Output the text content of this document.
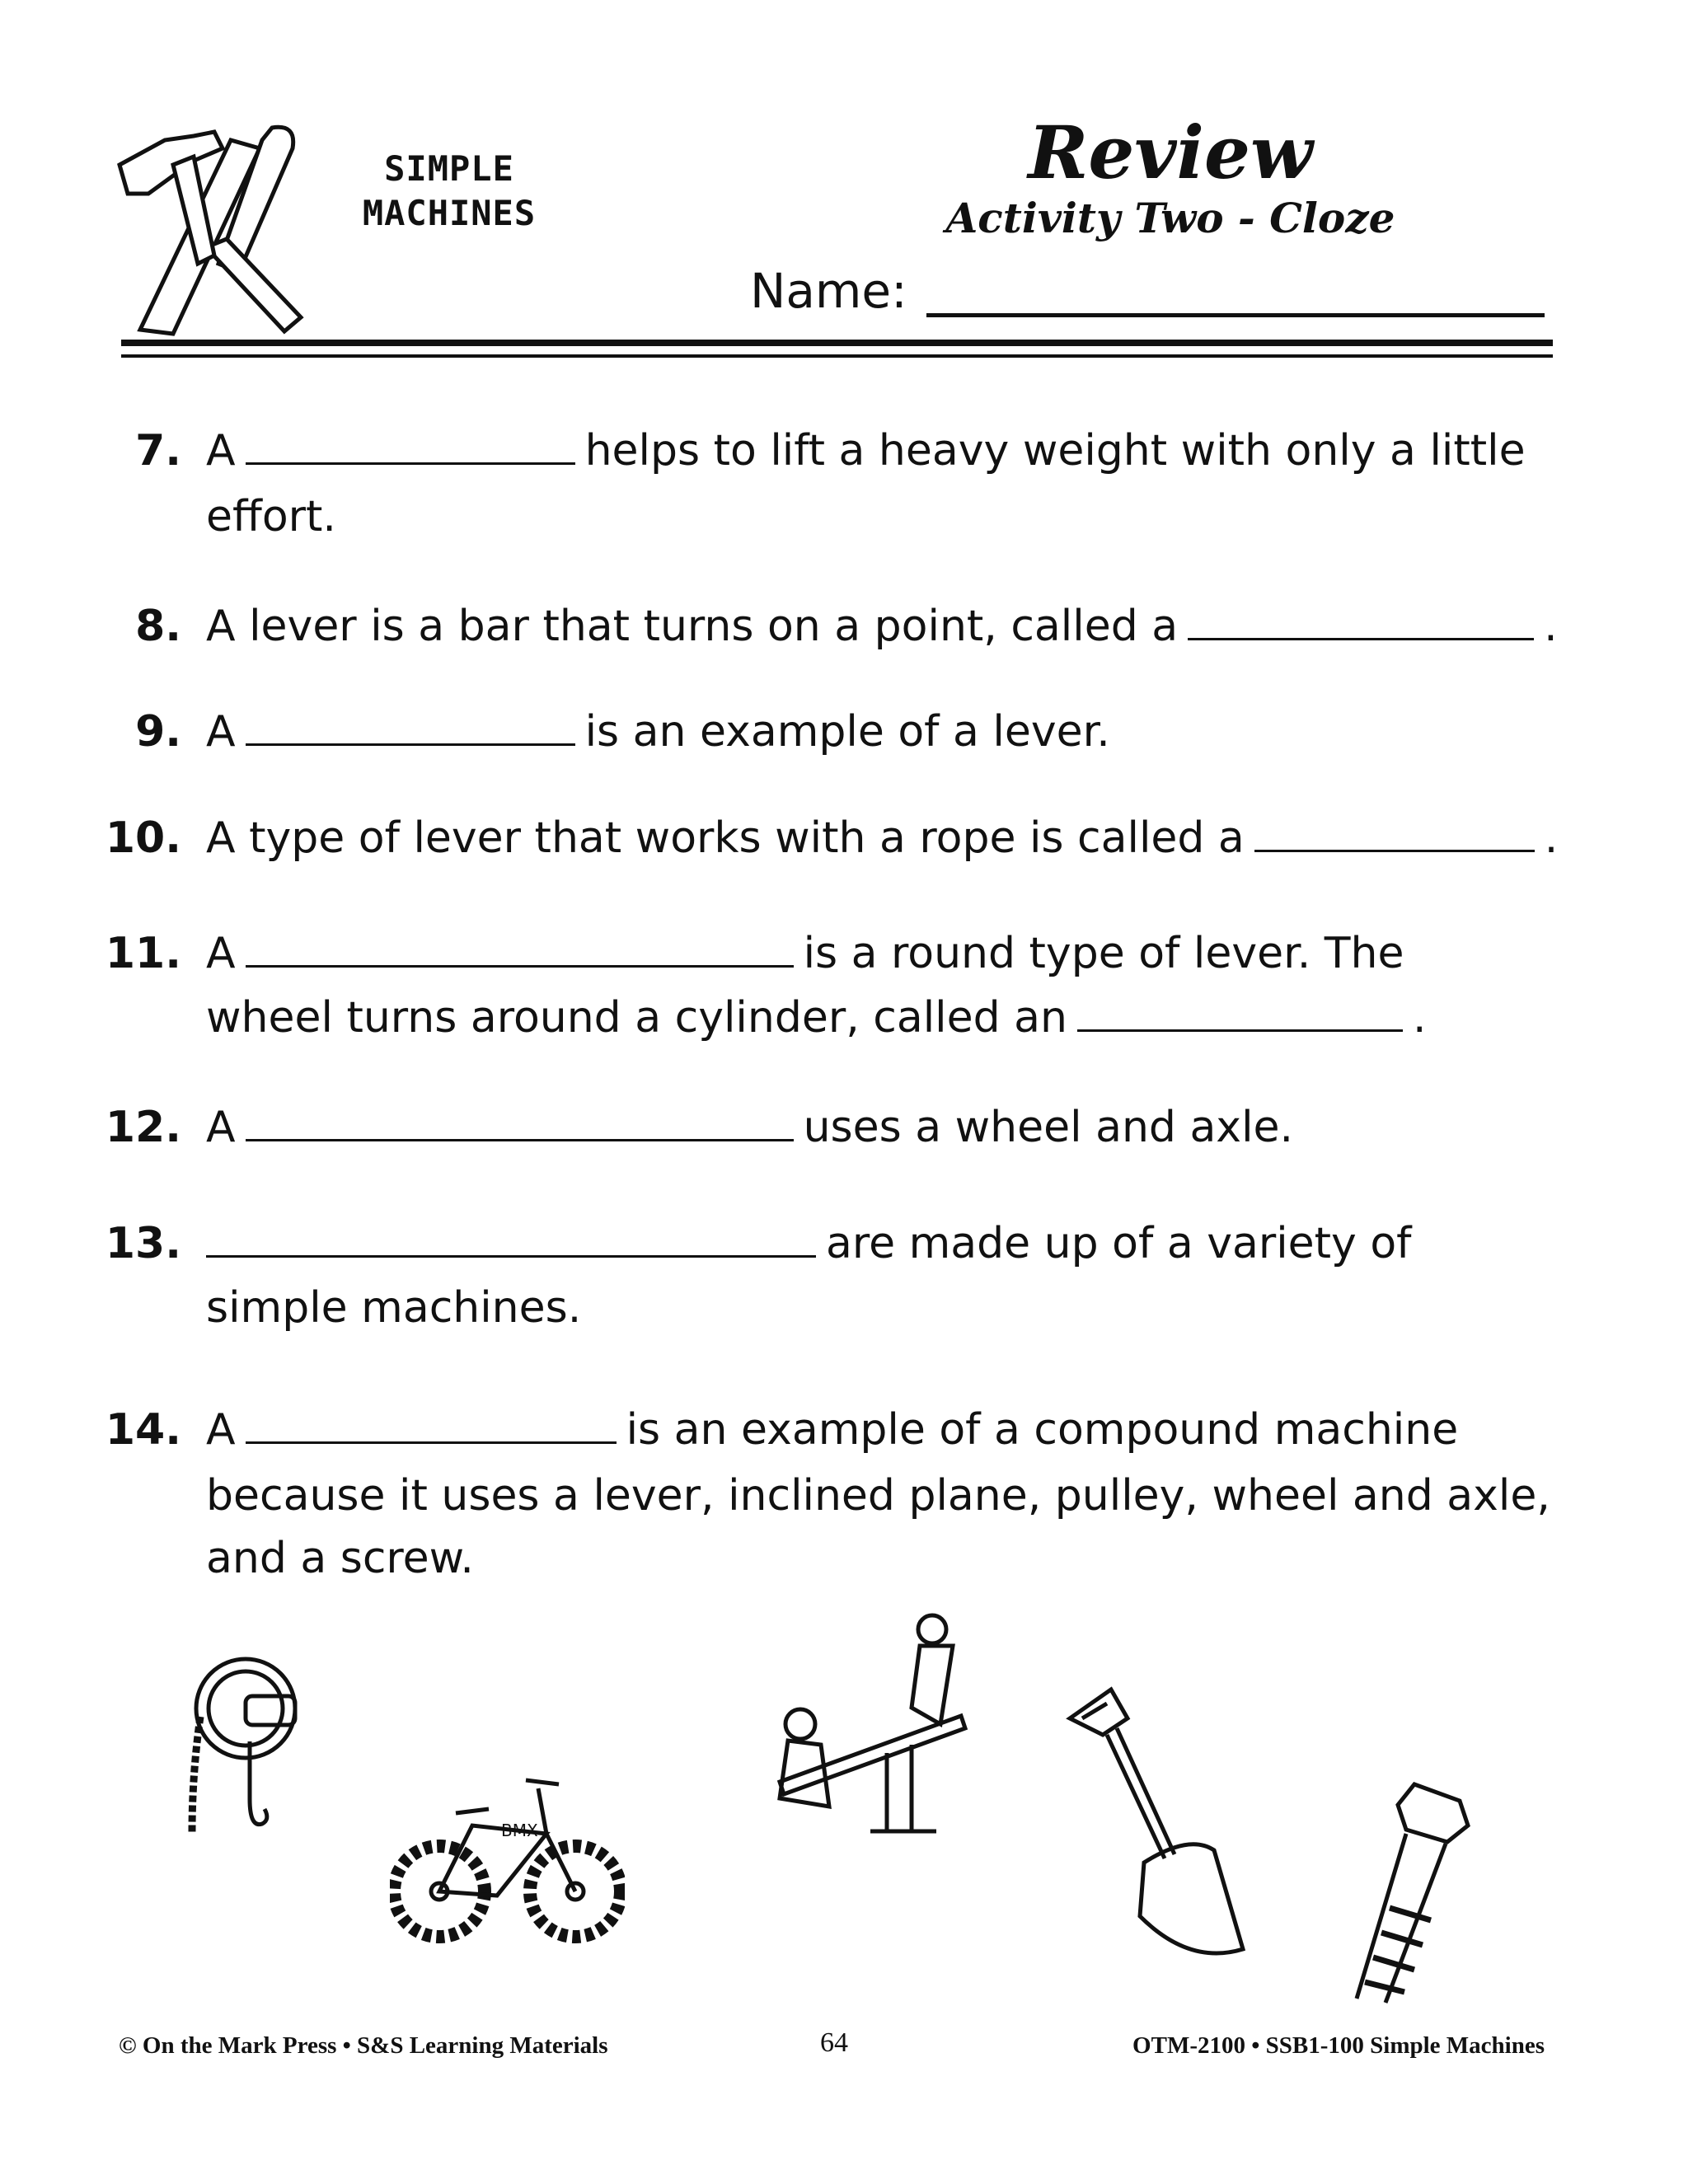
SIMPLE
MACHINES
Review
Activity Two - Cloze
Name:
7. A	helps to lift a heavy weight with only a little
effort.
8. A lever is a bar that turns on a point, called a	.
9. A	is an example of a lever.
10. A type of lever that works with a rope is called a	.
11. A	is a round type of lever. The
wheel turns around a cylinder, called an	.
12. A	uses a wheel and axle.
13.	are made up of a variety of
simple machines.
14. A	is an example of a compound machine
because it uses a lever, inclined plane, pulley, wheel and axle,
and a screw.
BMX
© On the Mark Press • S&S Learning Materials	64	OTM-2100 • SSB1-100 Simple Machines
